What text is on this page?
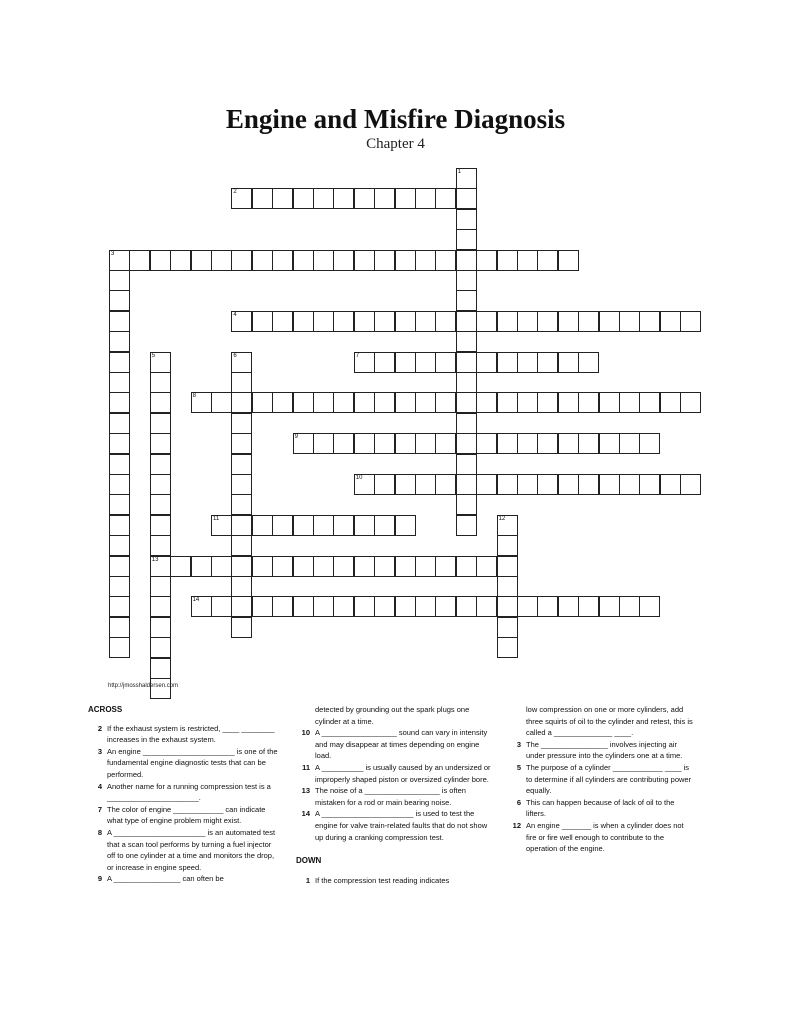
Engine and Misfire Diagnosis
Chapter 4
1
2
3
4
5
13
6	7
8
9
10
11	12
14
http://jmosshaldersen.com
ACROSS
2 If the exhaust system is restricted, ____ ________ increases in the exhaust system.
3 An engine ______________________ is one of the fundamental engine diagnostic tests that can be performed.
4 Another name for a running compression test is a ______________________.
7 The color of engine ____________ can indicate what type of engine problem might exist.
8 A ______________________ is an automated test that a scan tool performs by turning a fuel injector off to one cylinder at a time and monitors the drop, or increase in engine speed.
9 A ________________ can often be
detected by grounding out the spark plugs one cylinder at a time.
10 A __________________ sound can vary in intensity and may disappear at times depending on engine load.
11 A __________ is usually caused by an undersized or improperly shaped piston or oversized cylinder bore.
13 The noise of a __________________ is often mistaken for a rod or main bearing noise.
14 A ______________________ is used to test the engine for valve train-related faults that do not show up during a cranking compression test.
DOWN
1 If the compression test reading indicates
low compression on one or more cylinders, add three squirts of oil to the cylinder and retest, this is called a ______________ ____.
3 The ________________ involves injecting air under pressure into the cylinders one at a time.
5 The purpose of a cylinder ____________ ____ is to determine if all cylinders are contributing power equally.
6 This can happen because of lack of oil to the lifters.
12 An engine _______ is when a cylinder does not fire or fire well enough to contribute to the operation of the engine.
